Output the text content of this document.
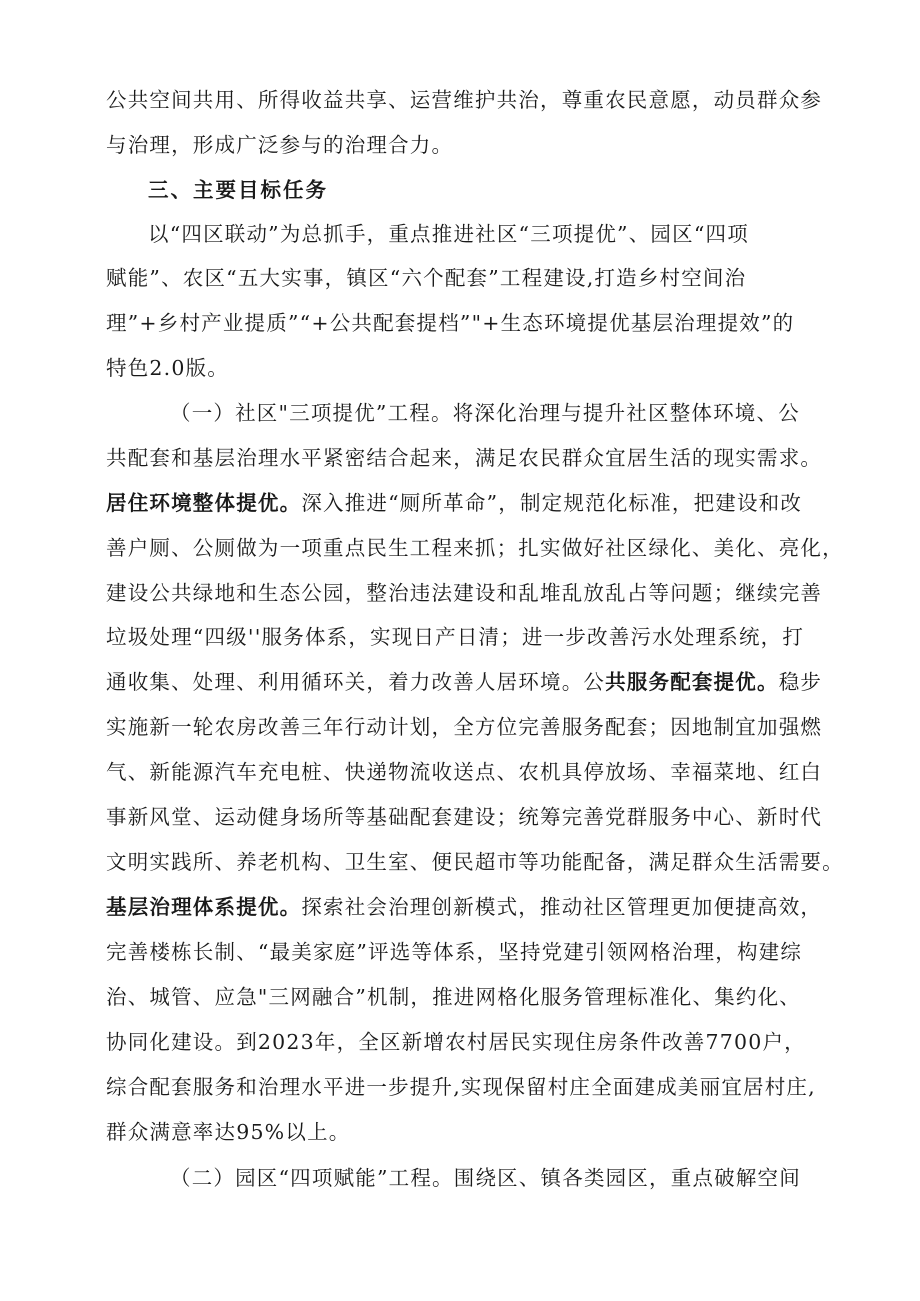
公共空间共用、所得收益共享、运营维护共治，尊重农民意愿，动员群众参
与治理，形成广泛参与的治理合力。
三、主要目标任务
以“四区联动”为总抓手，重点推进社区“三项提优”、园区“四项
赋能”、农区“五大实事，镇区“六个配套”工程建设,打造乡村空间治
理”+乡村产业提质”“+公共配套提档”"+生态环境提优基层治理提效”的
特色2.0版。
（一）社区"三项提优”工程。将深化治理与提升社区整体环境、公
共配套和基层治理水平紧密结合起来，满足农民群众宜居生活的现实需求。
居住环境整体提优。深入推进“厕所革命”，制定规范化标准，把建设和改
善户厕、公厕做为一项重点民生工程来抓；扎实做好社区绿化、美化、亮化，
建设公共绿地和生态公园，整治违法建设和乱堆乱放乱占等问题；继续完善
垃圾处理“四级''服务体系，实现日产日清；进一步改善污水处理系统，打
通收集、处理、利用循环关，着力改善人居环境。公共服务配套提优。稳步
实施新一轮农房改善三年行动计划，全方位完善服务配套；因地制宜加强燃
气、新能源汽车充电桩、快递物流收送点、农机具停放场、幸福菜地、红白
事新风堂、运动健身场所等基础配套建设；统筹完善党群服务中心、新时代
文明实践所、养老机构、卫生室、便民超市等功能配备，满足群众生活需要。
基层治理体系提优。探索社会治理创新模式，推动社区管理更加便捷高效，
完善楼栋长制、“最美家庭”评选等体系，坚持党建引领网格治理，构建综
治、城管、应急"三网融合”机制，推进网格化服务管理标准化、集约化、
协同化建设。到2023年，全区新增农村居民实现住房条件改善7700户，
综合配套服务和治理水平进一步提升,实现保留村庄全面建成美丽宜居村庄,
群众满意率达95%以上。
（二）园区“四项赋能”工程。围绕区、镇各类园区，重点破解空间
